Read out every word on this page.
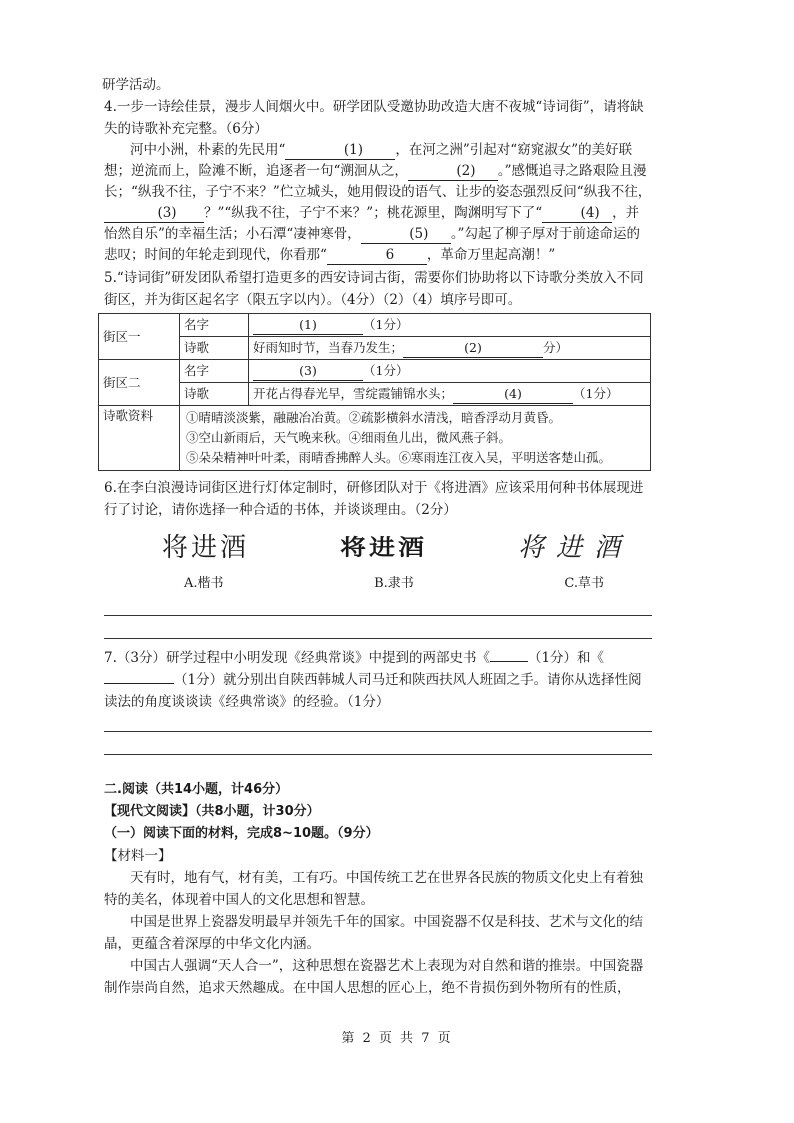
研学活动。

4.一步一诗绘佳景，漫步人间烟火中。研学团队受邀协助改造大唐不夜城“诗词街”，请将缺失的诗歌补充完整。（6分）

河中小洲，朴素的先民用“	(1) ，在河之洲”引起对“窈窕淑女”的美好联想；逆流而上，险滩不断，追逐者一句“溯洄从之，	(2) 。”感慨追寻之路艰险且漫长；“纵我不往，子宁不来？”伫立城头，她用假设的语气、让步的姿态强烈反问“纵我不往，(3) ？”“纵我不往，子宁不来？”；桃花源里，陶渊明写下了“	(4) ，并怡然自乐”的幸福生活；小石潭“凄神寒骨，	(5) 。”勾起了柳子厚对于前途命运的悲叹；时间的年轮走到现代，你看那“	6 ，革命万里起高潮！”

5.“诗词街”研发团队希望打造更多的西安诗词古街，需要你们协助将以下诗歌分类放入不同街区，并为街区起名字（限五字以内）。（4分）（2）（4）填序号即可。

街区一	名字	(1) （1分）
	诗歌	好雨知时节，当春乃发生； (2) 分）
街区二	名字	(3) （1分）
	诗歌	开花占得春光早，雪绽霞铺锦水头； (4) （1分）
诗歌资料	①晴晴淡淡紫，融融冶冶黄。②疏影横斜水清浅，暗香浮动月黄昏。
③空山新雨后，天气晚来秋。④细雨鱼儿出，微风燕子斜。
⑤朵朵精神叶叶柔，雨晴香拂醉人头。⑥寒雨连江夜入吴，平明送客楚山孤。	

6.在李白浪漫诗词街区进行灯体定制时，研修团队对于《将进酒》应该采用何种书体展现进行了讨论，请你选择一种合适的书体，并谈谈理由。（2分）

将进酒	将进酒	将进酒
A.楷书	B.隶书	C.草书

7.（3分）研学过程中小明发现《经典常谈》中提到的两部史书《	（1分）和《（1分）就分别出自陕西韩城人司马迁和陕西扶风人班固之手。请你从选择性阅读法的角度谈谈读《经典常谈》的经验。（1分）

二.阅读（共14小题，计46分）

【现代文阅读】（共8小题，计30分）

（一）阅读下面的材料，完成8~10题。（9分）

【材料一】

天有时，地有气，材有美，工有巧。中国传统工艺在世界各民族的物质文化史上有着独特的美名，体现着中国人的文化思想和智慧。

中国是世界上瓷器发明最早并领先千年的国家。中国瓷器不仅是科技、艺术与文化的结晶，更蕴含着深厚的中华文化内涵。

中国古人强调“天人合一”，这种思想在瓷器艺术上表现为对自然和谐的推崇。中国瓷器制作崇尚自然，追求天然趣成。在中国人思想的匠心上，绝不肯损伤到外物所有的性质，

第 2 页 共 7 页
